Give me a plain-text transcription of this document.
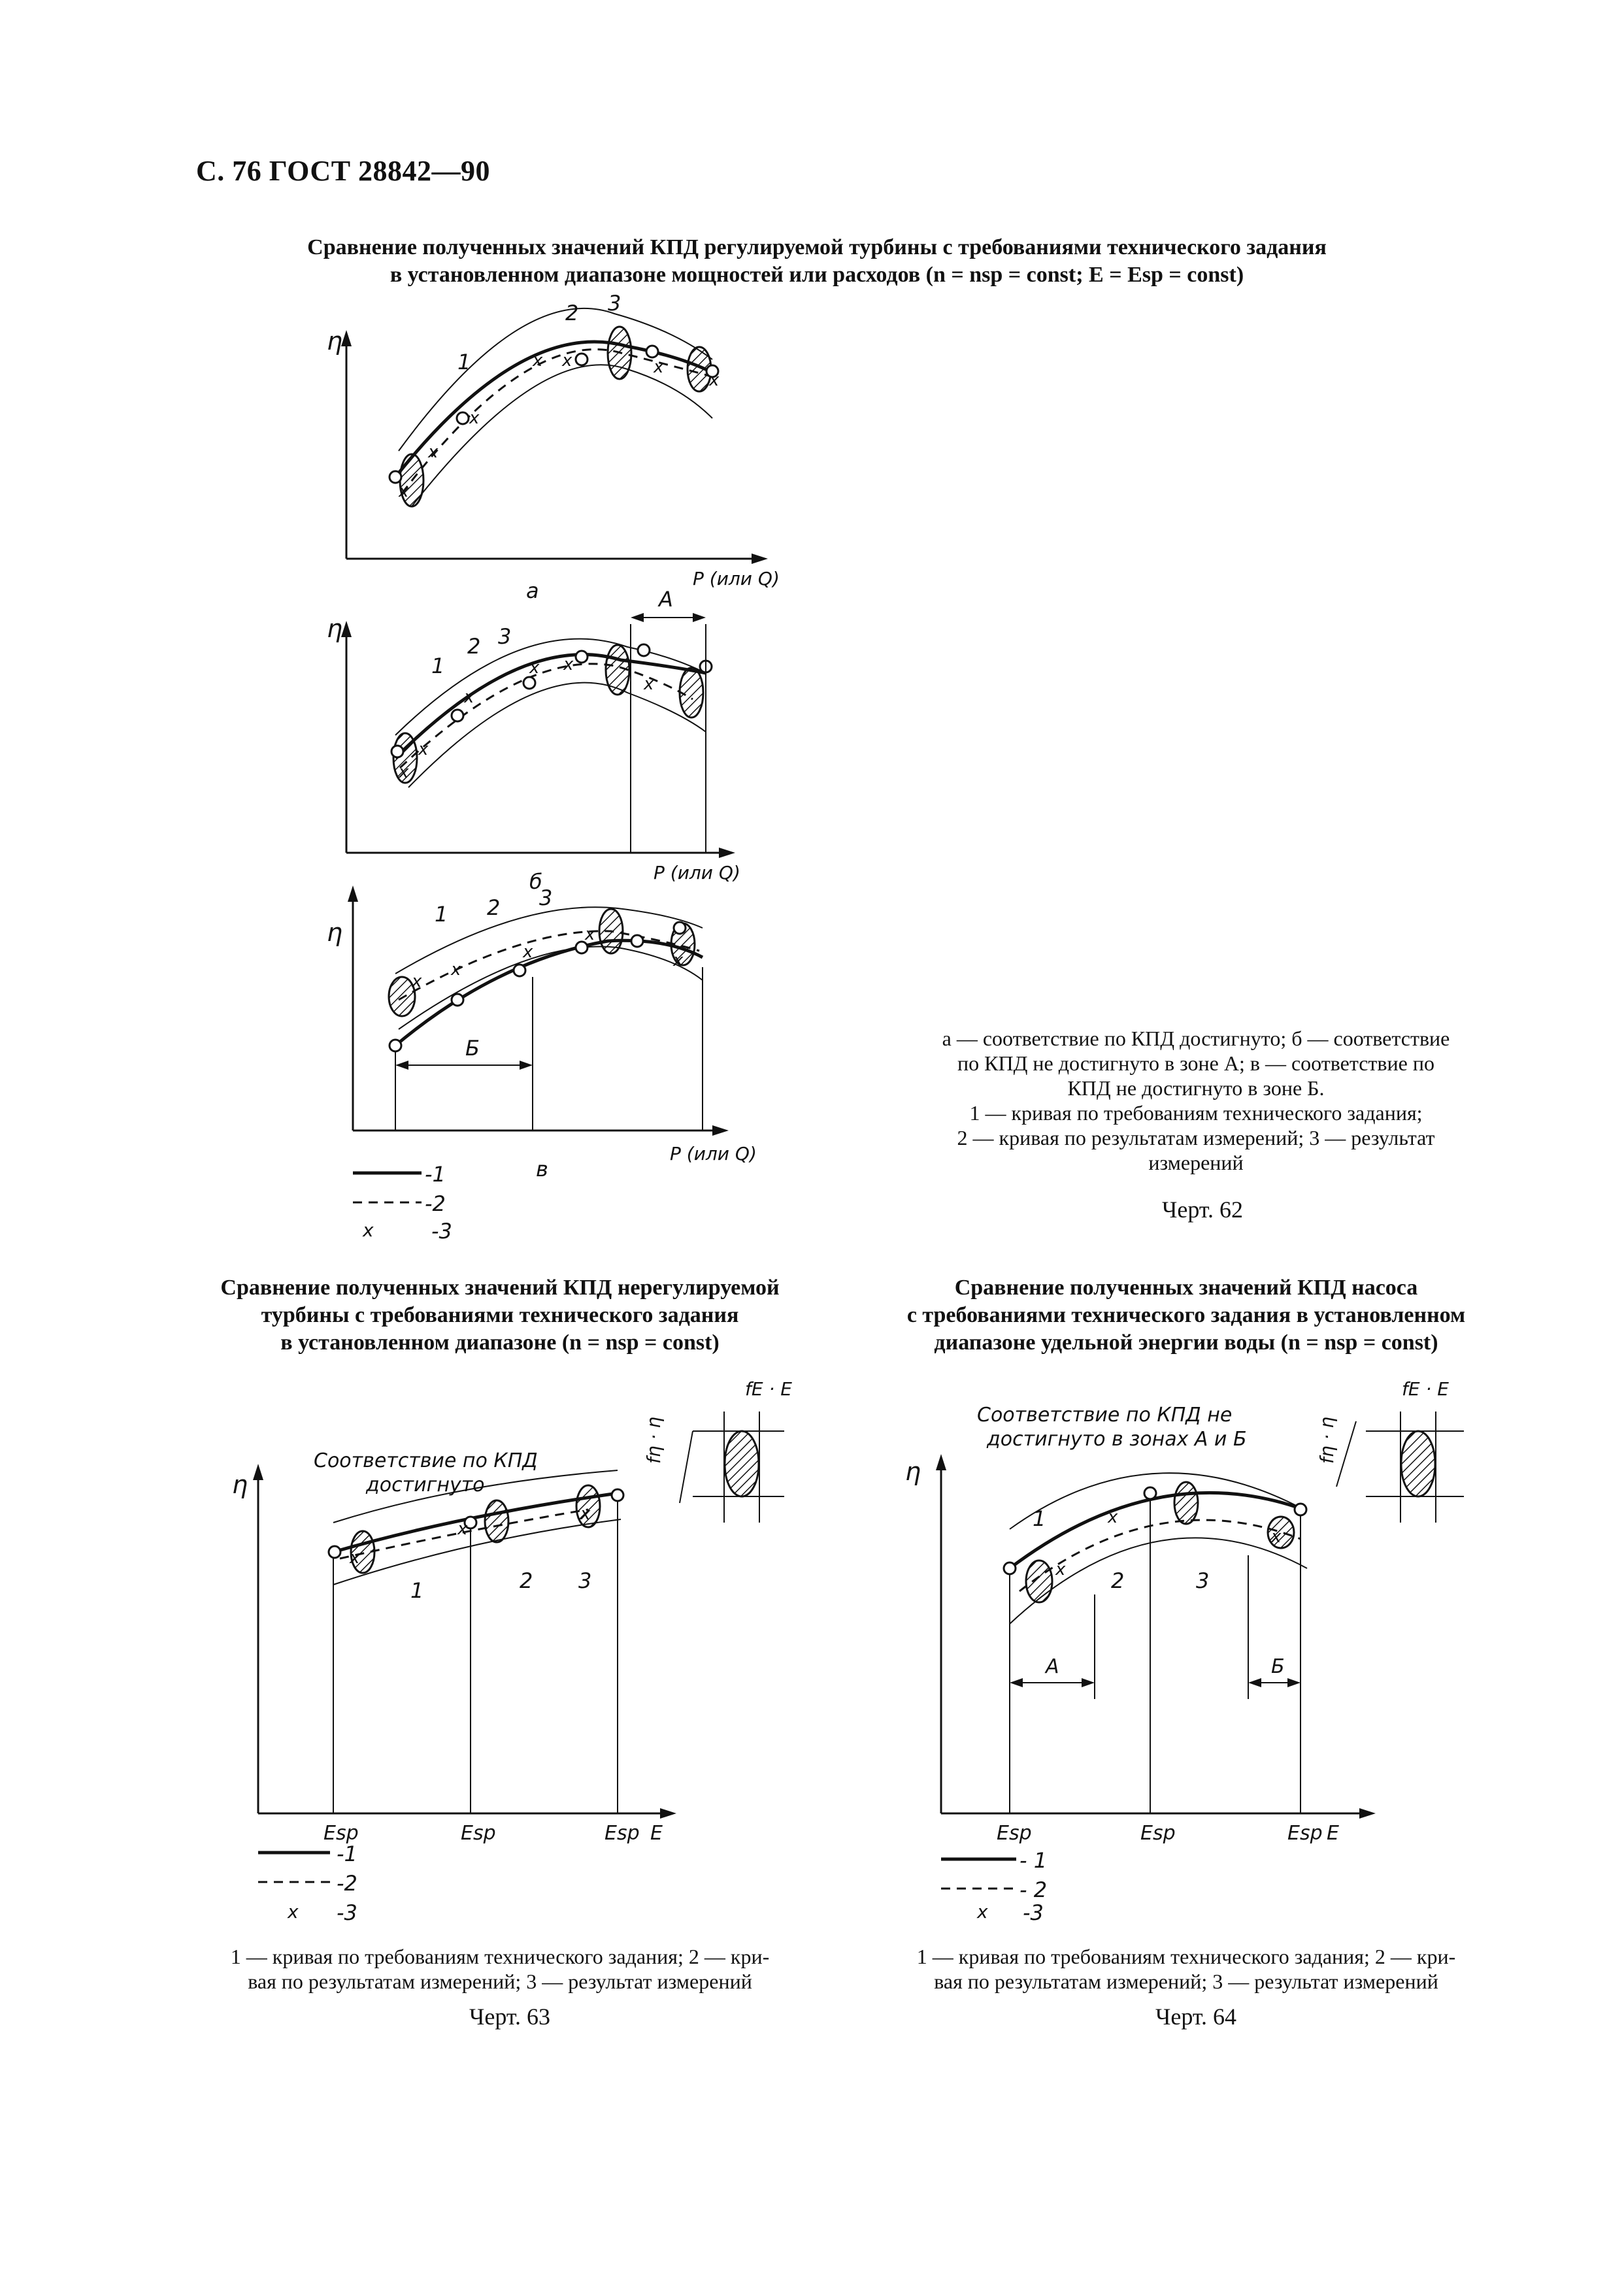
С. 76 ГОСТ 28842—90
Сравнение полученных значений КПД регулируемой турбины с требованиями технического задания
в установленном диапазоне мощностей или расходов (n = nsp = const; E = Esp = const)
x
x
x
x x	x
x
η
1
2 3
P (или Q)
а
x
x
x
x x
x
А
η
1
2 3
P (или Q)
б
x
x
x
x
x
Б
η
1 2 3
P (или Q)
в
-1
-2
x	-3
а — соответствие по КПД достигнуто; б — соответствие
по КПД не достигнуто в зоне А; в — соответствие по
КПД не достигнуто в зоне Б.
1 — кривая по требованиям технического задания;
2 — кривая по результатам измерений; 3 — результат
измерений
Черт. 62
Сравнение полученных значений КПД нерегулируемой
турбины с требованиями технического задания
в установленном диапазоне (n = nsp = const)
Сравнение полученных значений КПД насоса
с требованиями технического задания в установленном
диапазоне удельной энергии воды (n = nsp = const)
x
x
x
η
Соответствие по КПД
достигнуто
1	2 3
Esp	Esp	Esp E
-1
-2
x -3
fE · E
fη · η
x
x
x
А	Б
η
Соответствие по КПД не
достигнуто в зонах А и Б
1
2	3
Esp	Esp	Esp E
- 1
- 2
x -3
fE · E
fη · η
1 — кривая по требованиям технического задания; 2 — кри-
вая по результатам измерений; 3 — результат измерений
Черт. 63
1 — кривая по требованиям технического задания; 2 — кри-
вая по результатам измерений; 3 — результат измерений
Черт. 64
